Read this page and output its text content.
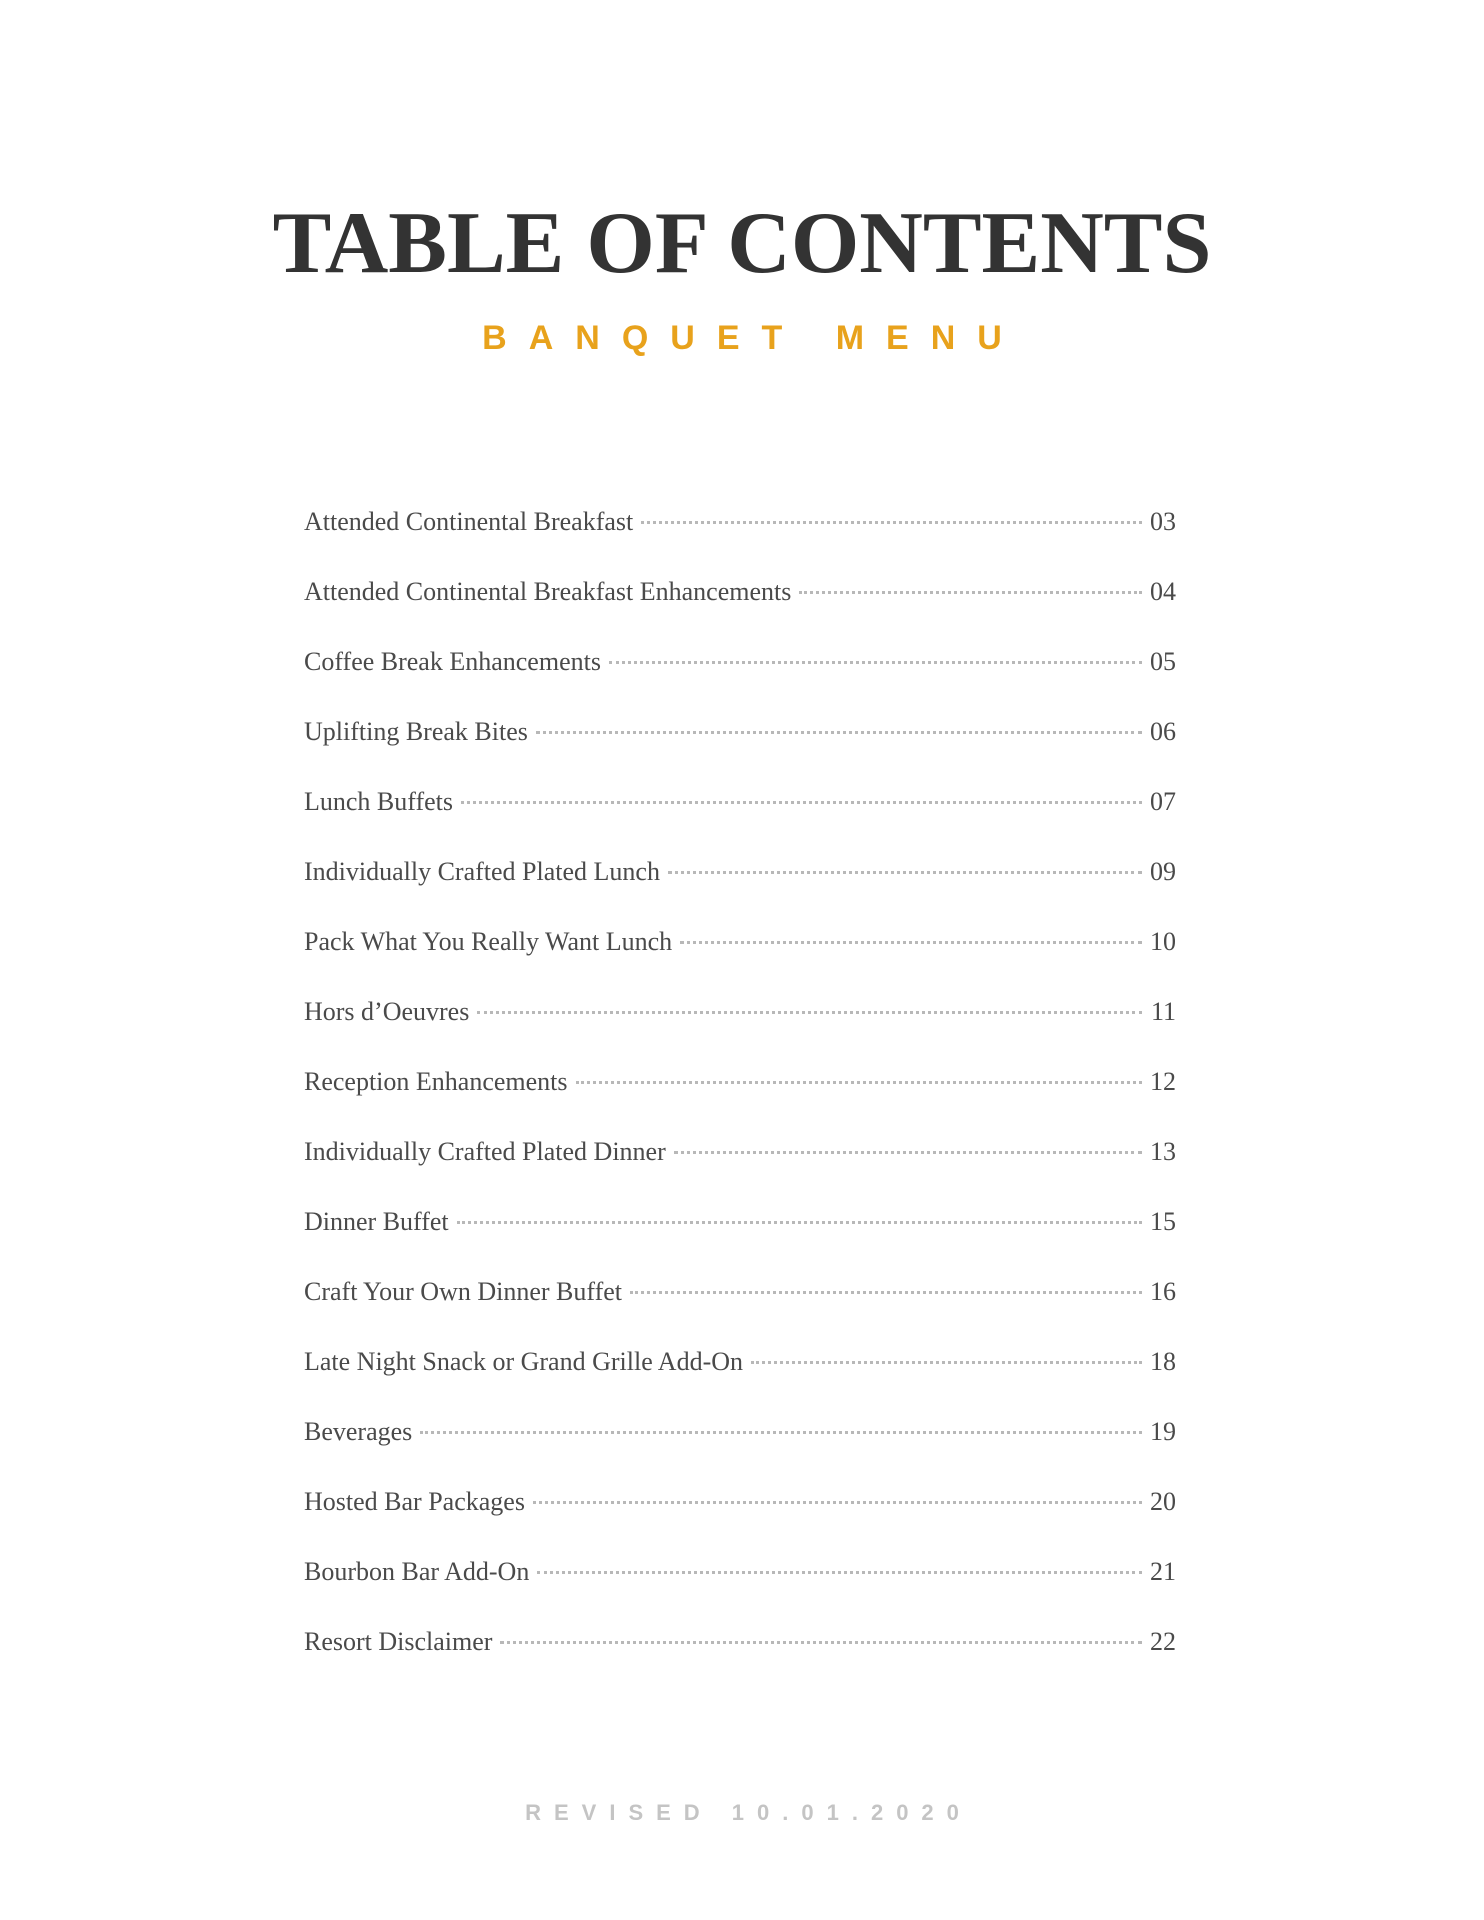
TABLE OF CONTENTS
BANQUET MENU
Attended Continental Breakfast	03
Attended Continental Breakfast Enhancements	04
Coffee Break Enhancements	05
Uplifting Break Bites	06
Lunch Buffets	07
Individually Crafted Plated Lunch	09
Pack What You Really Want Lunch	10
Hors d’Oeuvres	11
Reception Enhancements	12
Individually Crafted Plated Dinner	13
Dinner Buffet	15
Craft Your Own Dinner Buffet	16
Late Night Snack or Grand Grille Add-On	18
Beverages	19
Hosted Bar Packages	20
Bourbon Bar Add-On	21
Resort Disclaimer	22
REVISED 10.01.2020
